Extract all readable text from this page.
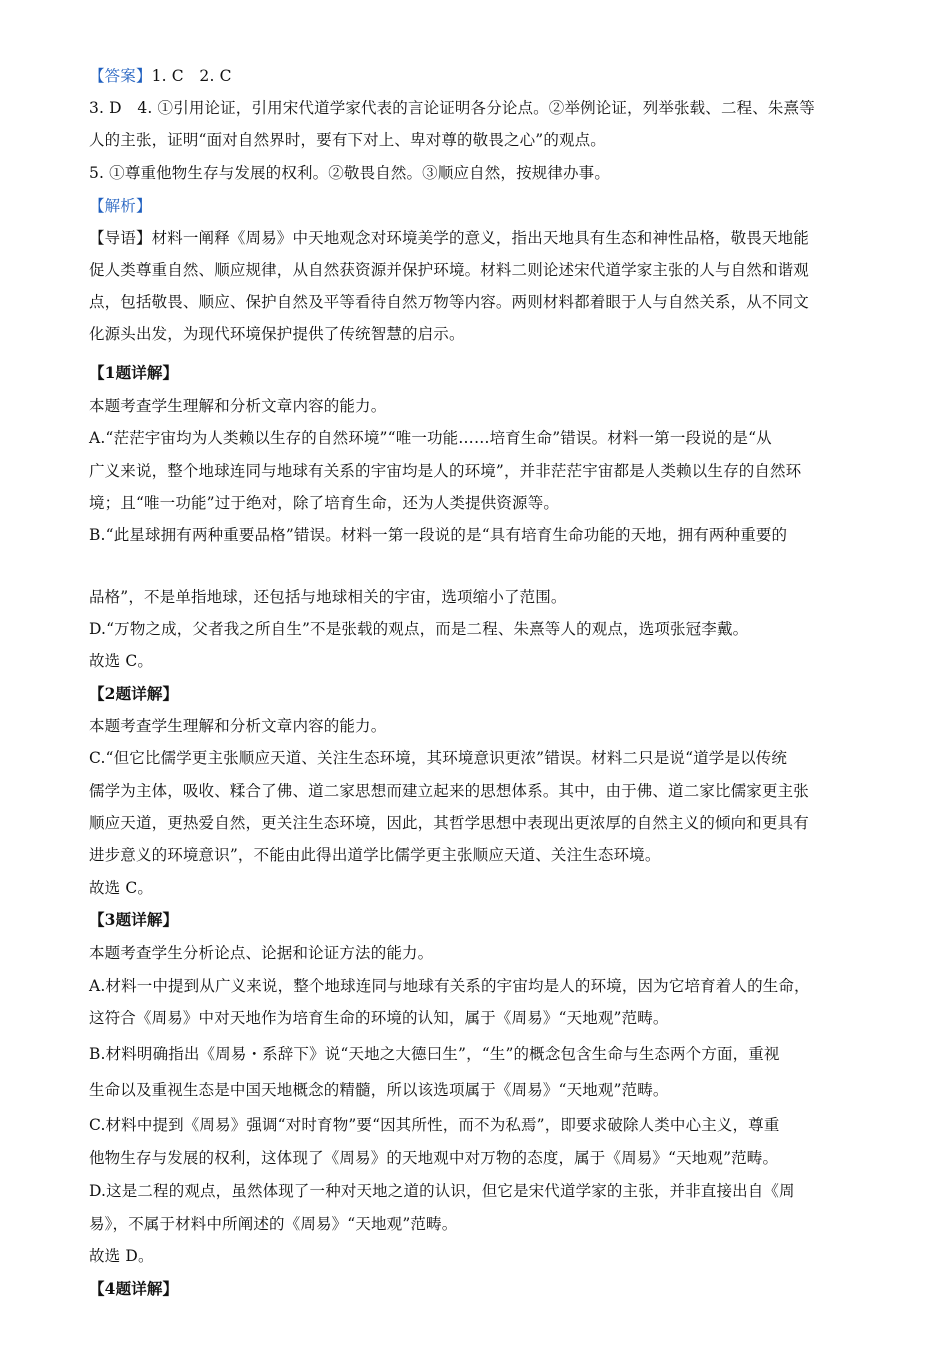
【答案】1. C　2. C
3. D　4. ①引用论证，引用宋代道学家代表的言论证明各分论点。②举例论证，列举张载、二程、朱熹等
人的主张，证明“面对自然界时，要有下对上、卑对尊的敬畏之心”的观点。
5. ①尊重他物生存与发展的权利。②敬畏自然。③顺应自然，按规律办事。
【解析】
【导语】材料一阐释《周易》中天地观念对环境美学的意义，指出天地具有生态和神性品格，敬畏天地能
促人类尊重自然、顺应规律，从自然获资源并保护环境。材料二则论述宋代道学家主张的人与自然和谐观
点，包括敬畏、顺应、保护自然及平等看待自然万物等内容。两则材料都着眼于人与自然关系，从不同文
化源头出发，为现代环境保护提供了传统智慧的启示。
【1题详解】
本题考查学生理解和分析文章内容的能力。
A.“茫茫宇宙均为人类赖以生存的自然环境”“唯一功能……培育生命”错误。材料一第一段说的是“从
广义来说，整个地球连同与地球有关系的宇宙均是人的环境”，并非茫茫宇宙都是人类赖以生存的自然环
境；且“唯一功能”过于绝对，除了培育生命，还为人类提供资源等。
B.“此星球拥有两种重要品格”错误。材料一第一段说的是“具有培育生命功能的天地，拥有两种重要的
品格”，不是单指地球，还包括与地球相关的宇宙，选项缩小了范围。
D.“万物之成，父者我之所自生”不是张载的观点，而是二程、朱熹等人的观点，选项张冠李戴。
故选 C。
【2题详解】
本题考查学生理解和分析文章内容的能力。
C.“但它比儒学更主张顺应天道、关注生态环境，其环境意识更浓”错误。材料二只是说“道学是以传统
儒学为主体，吸收、糅合了佛、道二家思想而建立起来的思想体系。其中，由于佛、道二家比儒家更主张
顺应天道，更热爱自然，更关注生态环境，因此，其哲学思想中表现出更浓厚的自然主义的倾向和更具有
进步意义的环境意识”，不能由此得出道学比儒学更主张顺应天道、关注生态环境。
故选 C。
【3题详解】
本题考查学生分析论点、论据和论证方法的能力。
A.材料一中提到从广义来说，整个地球连同与地球有关系的宇宙均是人的环境，因为它培育着人的生命，
这符合《周易》中对天地作为培育生命的环境的认知，属于《周易》“天地观”范畴。
B.材料明确指出《周易・系辞下》说“天地之大德曰生”，“生”的概念包含生命与生态两个方面，重视
生命以及重视生态是中国天地概念的精髓，所以该选项属于《周易》“天地观”范畴。
C.材料中提到《周易》强调“对时育物”要“因其所性，而不为私焉”，即要求破除人类中心主义，尊重
他物生存与发展的权利，这体现了《周易》的天地观中对万物的态度，属于《周易》“天地观”范畴。
D.这是二程的观点，虽然体现了一种对天地之道的认识，但它是宋代道学家的主张，并非直接出自《周
易》，不属于材料中所阐述的《周易》“天地观”范畴。
故选 D。
【4题详解】
